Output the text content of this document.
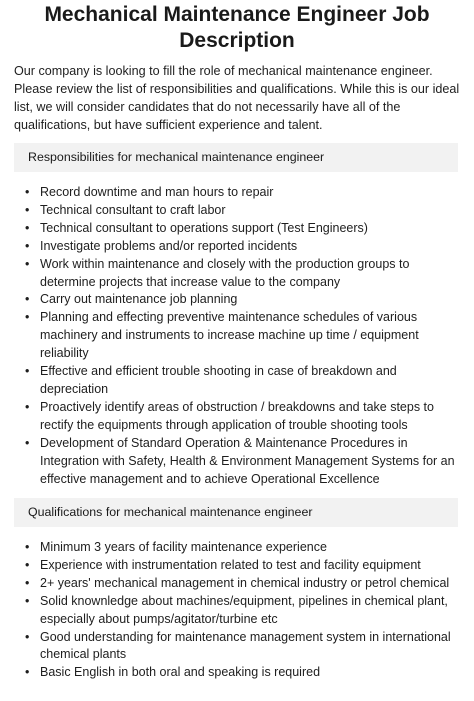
Mechanical Maintenance Engineer Job Description

Our company is looking to fill the role of mechanical maintenance engineer. Please review the list of responsibilities and qualifications. While this is our ideal list, we will consider candidates that do not necessarily have all of the qualifications, but have sufficient experience and talent.

Responsibilities for mechanical maintenance engineer
• Record downtime and man hours to repair
• Technical consultant to craft labor
• Technical consultant to operations support (Test Engineers)
• Investigate problems and/or reported incidents
• Work within maintenance and closely with the production groups to determine projects that increase value to the company
• Carry out maintenance job planning
• Planning and effecting preventive maintenance schedules of various machinery and instruments to increase machine up time / equipment reliability
• Effective and efficient trouble shooting in case of breakdown and depreciation
• Proactively identify areas of obstruction / breakdowns and take steps to rectify the equipments through application of trouble shooting tools
• Development of Standard Operation & Maintenance Procedures in Integration with Safety, Health & Environment Management Systems for an effective management and to achieve Operational Excellence
Qualifications for mechanical maintenance engineer
• Minimum 3 years of facility maintenance experience
• Experience with instrumentation related to test and facility equipment
• 2+ years' mechanical management in chemical industry or petrol chemical
• Solid knownledge about machines/equipment, pipelines in chemical plant, especially about pumps/agitator/turbine etc
• Good understanding for maintenance management system in international chemical plants
• Basic English in both oral and speaking is required
